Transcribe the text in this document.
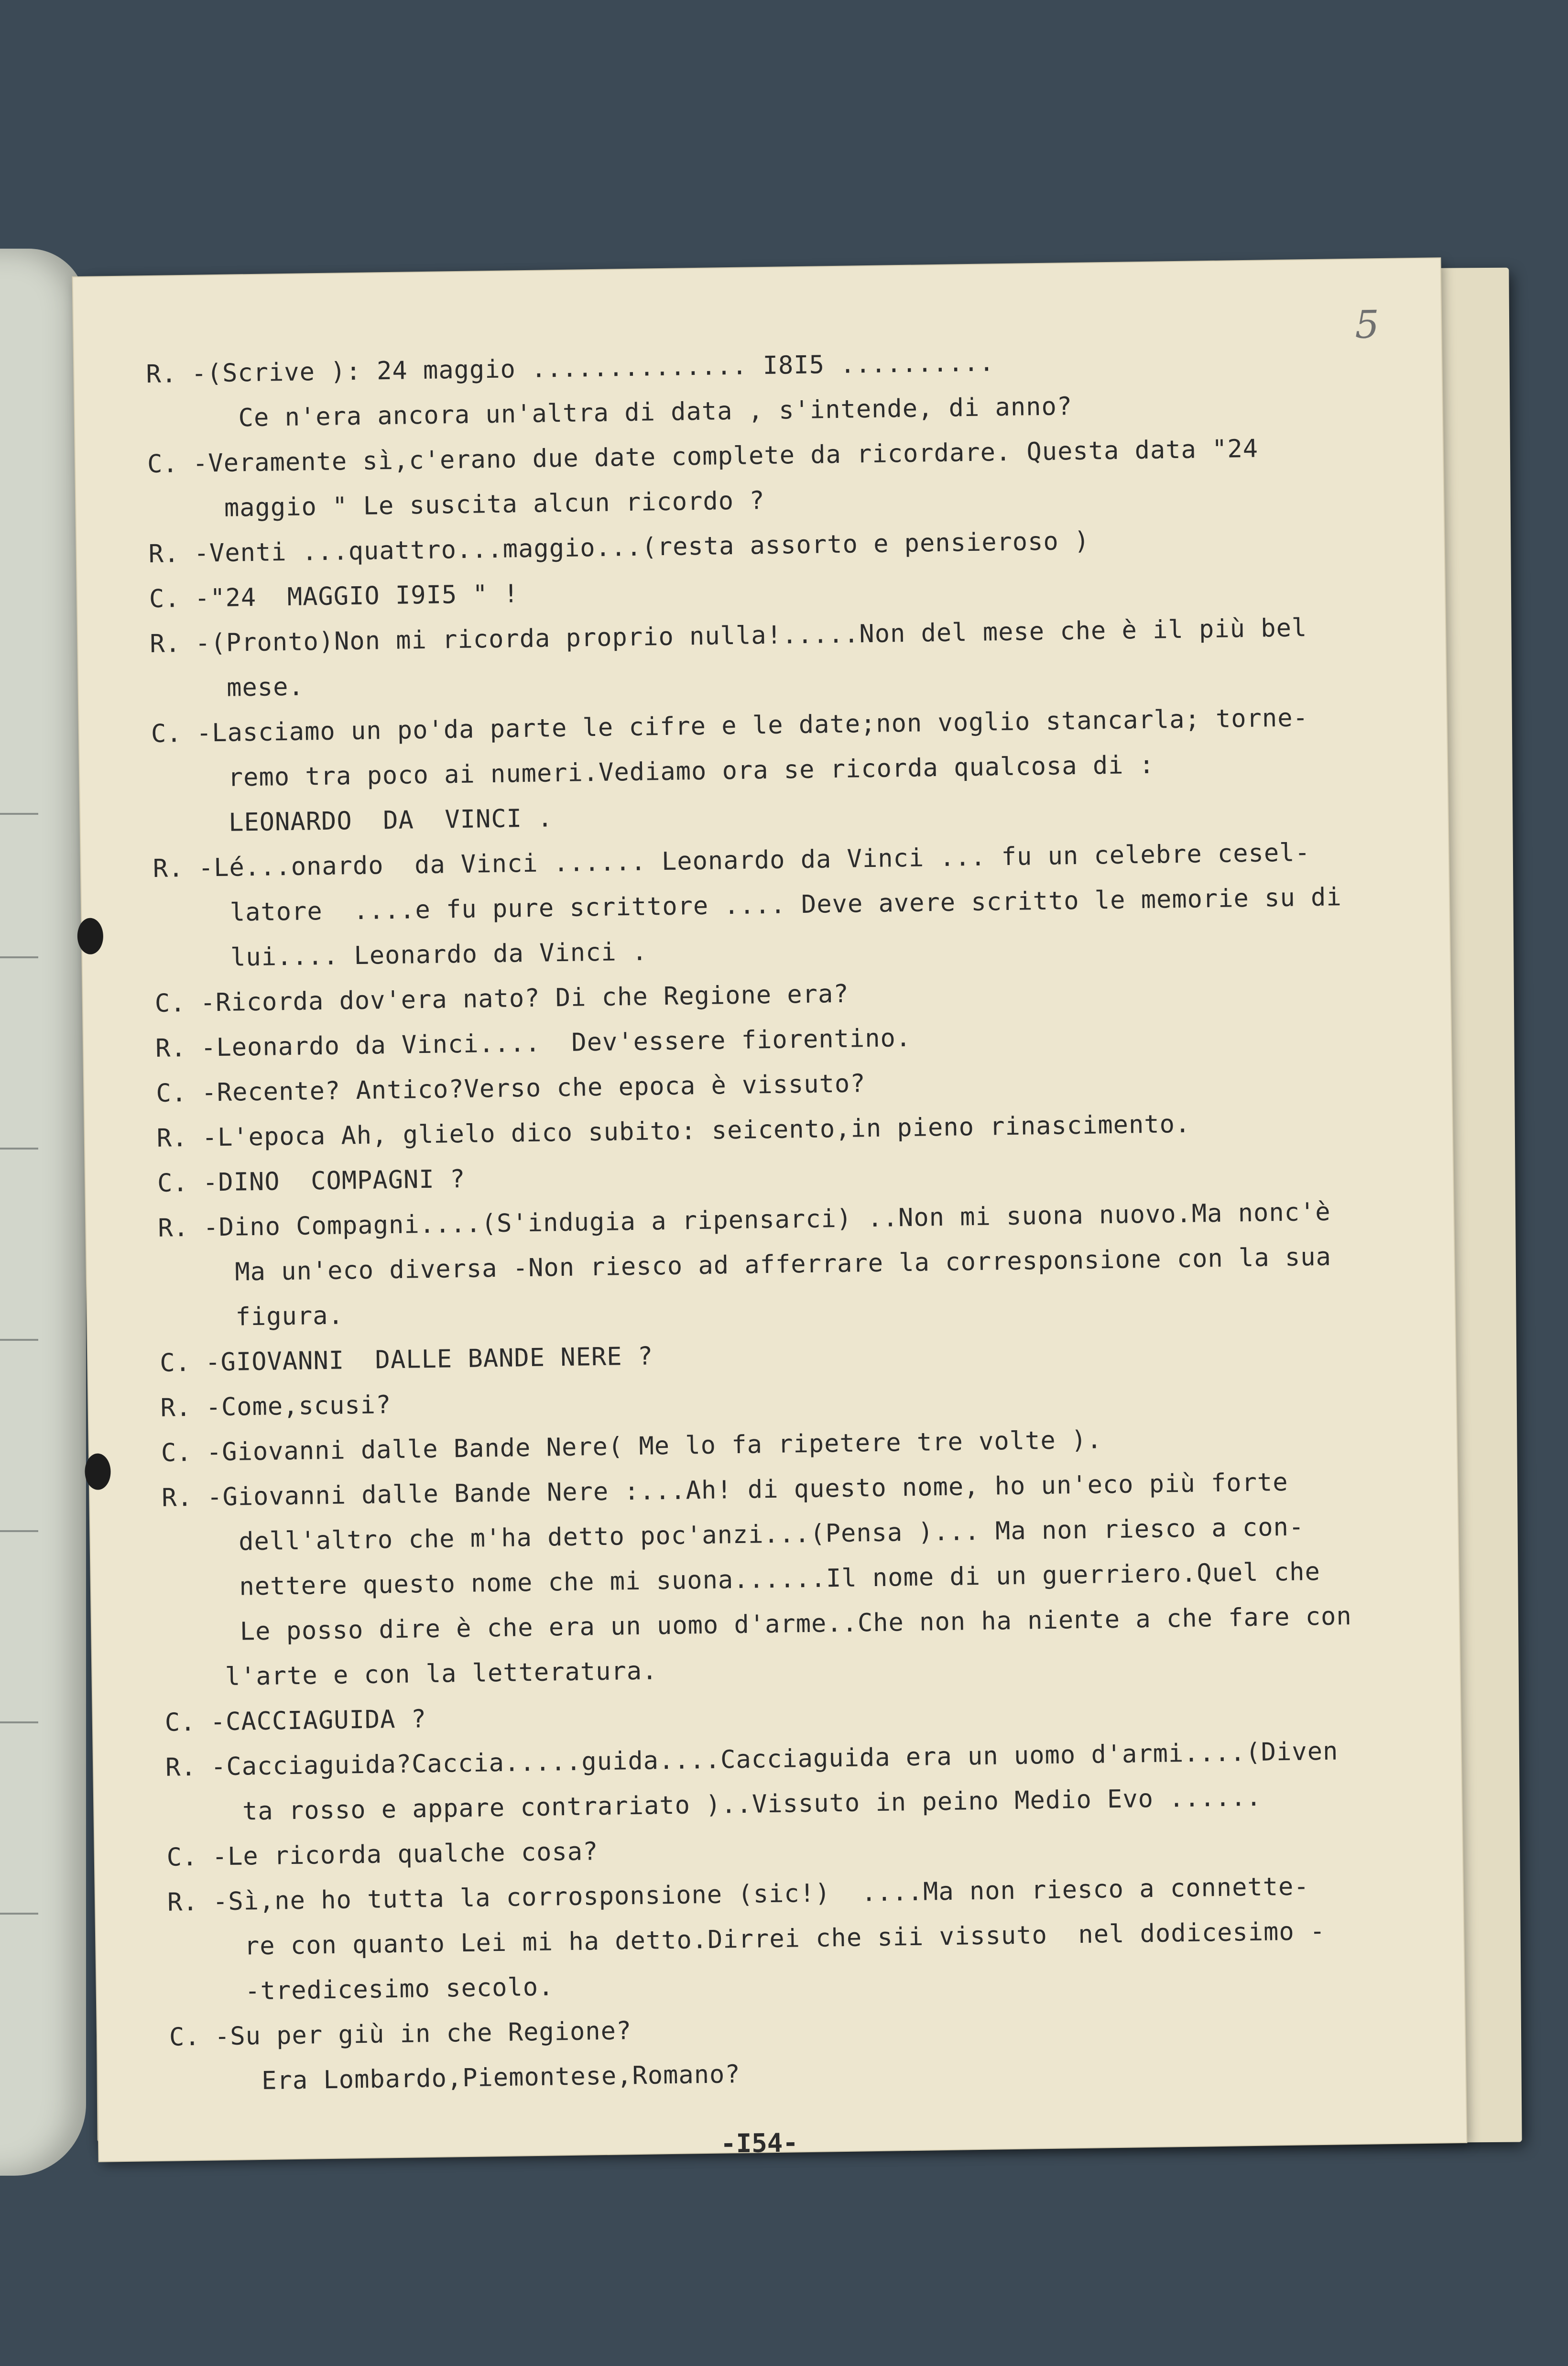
5
R. -(Scrive ): 24 maggio .............. I8I5 ..........
Ce n'era ancora un'altra di data , s'intende, di anno?
C. -Veramente sì,c'erano due date complete da ricordare. Questa data "24
maggio " Le suscita alcun ricordo ?
R. -Venti ...quattro...maggio...(resta assorto e pensieroso )
C. -"24  MAGGIO I9I5 " !
R. -(Pronto)Non mi ricorda proprio nulla!.....Non del mese che è il più bel
mese.
C. -Lasciamo un po'da parte le cifre e le date;non voglio stancarla; torne-
remo tra poco ai numeri.Vediamo ora se ricorda qualcosa di :
LEONARDO  DA  VINCI .
R. -Lé...onardo  da Vinci ...... Leonardo da Vinci ... fu un celebre cesel-
latore  ....e fu pure scrittore .... Deve avere scritto le memorie su di
lui.... Leonardo da Vinci .
C. -Ricorda dov'era nato? Di che Regione era?
R. -Leonardo da Vinci....  Dev'essere fiorentino.
C. -Recente? Antico?Verso che epoca è vissuto?
R. -L'epoca Ah, glielo dico subito: seicento,in pieno rinascimento.
C. -DINO  COMPAGNI ?
R. -Dino Compagni....(S'indugia a ripensarci) ..Non mi suona nuovo.Ma nonc'è
Ma un'eco diversa -Non riesco ad afferrare la corresponsione con la sua
figura.
C. -GIOVANNI  DALLE BANDE NERE ?
R. -Come,scusi?
C. -Giovanni dalle Bande Nere( Me lo fa ripetere tre volte ).
R. -Giovanni dalle Bande Nere :...Ah! di questo nome, ho un'eco più forte
dell'altro che m'ha detto poc'anzi...(Pensa )... Ma non riesco a con-
nettere questo nome che mi suona......Il nome di un guerriero.Quel che
Le posso dire è che era un uomo d'arme..Che non ha niente a che fare con
l'arte e con la letteratura.
C. -CACCIAGUIDA ?
R. -Cacciaguida?Caccia.....guida....Cacciaguida era un uomo d'armi....(Diven
ta rosso e appare contrariato )..Vissuto in peino Medio Evo ......
C. -Le ricorda qualche cosa?
R. -Sì,ne ho tutta la corrosponsione (sic!)  ....Ma non riesco a connette-
re con quanto Lei mi ha detto.Dirrei che sii vissuto  nel dodicesimo -
-tredicesimo secolo.
C. -Su per giù in che Regione?
Era Lombardo,Piemontese,Romano?
-I54-
